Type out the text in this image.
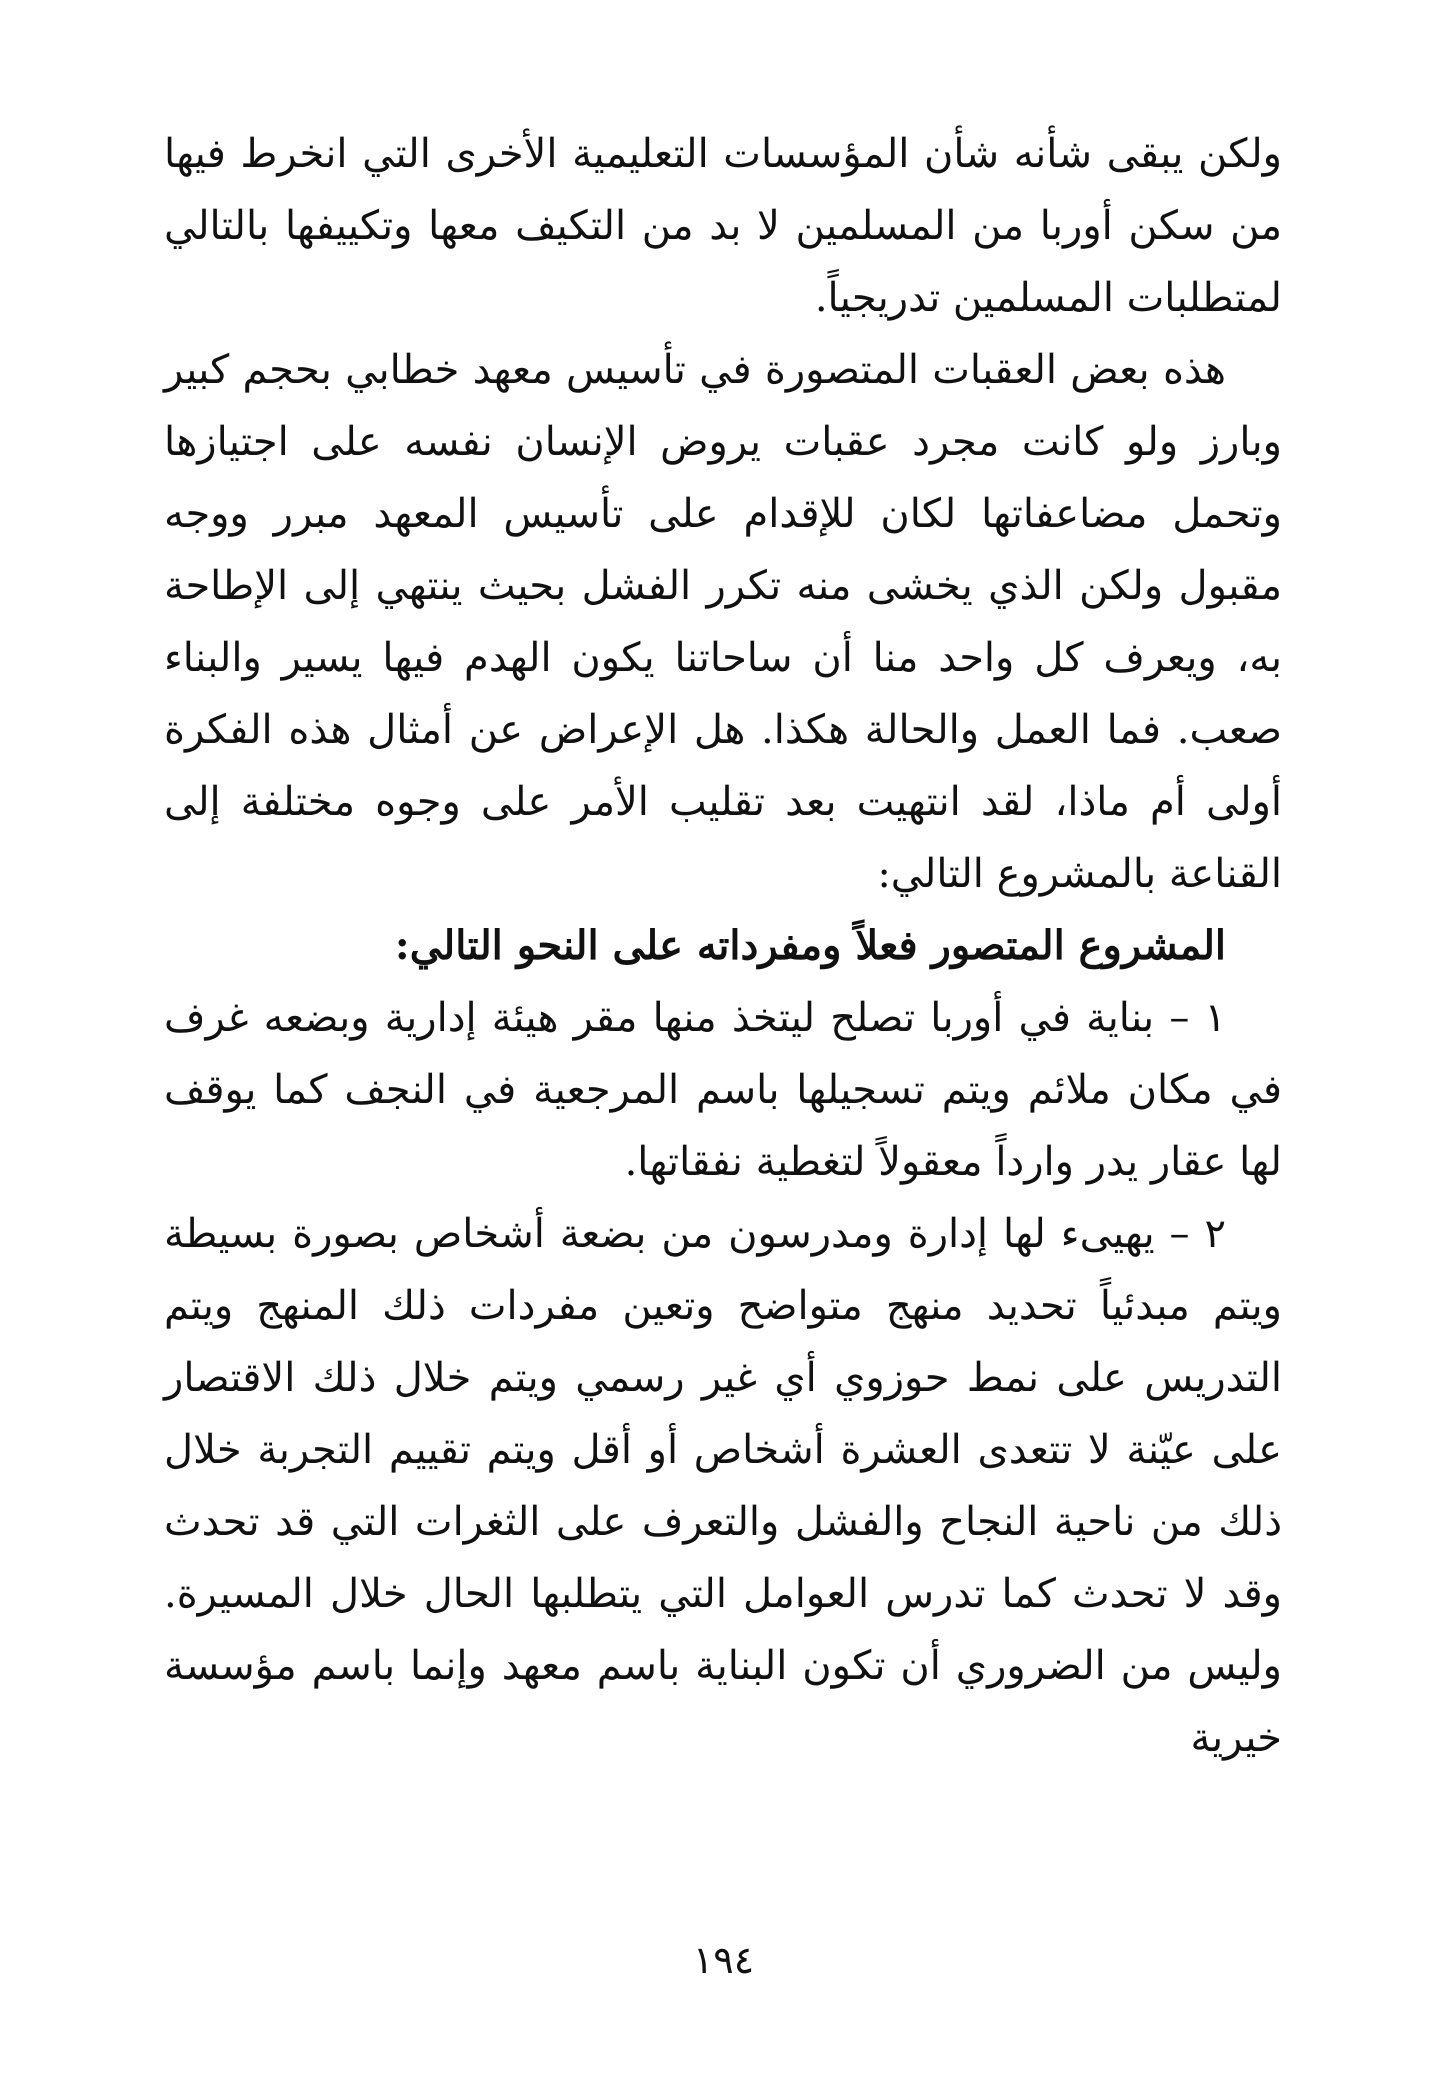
ولكن يبقى شأنه شأن المؤسسات التعليمية الأخرى التي انخرط فيها من سكن أوربا من المسلمين لا بد من التكيف معها وتكييفها بالتالي لمتطلبات المسلمين تدريجياً.

هذه بعض العقبات المتصورة في تأسيس معهد خطابي بحجم كبير وبارز ولو كانت مجرد عقبات يروض الإنسان نفسه على اجتيازها وتحمل مضاعفاتها لكان للإقدام على تأسيس المعهد مبرر ووجه مقبول ولكن الذي يخشى منه تكرر الفشل بحيث ينتهي إلى الإطاحة به، ويعرف كل واحد منا أن ساحاتنا يكون الهدم فيها يسير والبناء صعب. فما العمل والحالة هكذا. هل الإعراض عن أمثال هذه الفكرة أولى أم ماذا، لقد انتهيت بعد تقليب الأمر على وجوه مختلفة إلى القناعة بالمشروع التالي:

المشروع المتصور فعلاً ومفرداته على النحو التالي:

١ – بناية في أوربا تصلح ليتخذ منها مقر هيئة إدارية وبضعه غرف في مكان ملائم ويتم تسجيلها باسم المرجعية في النجف كما يوقف لها عقار يدر وارداً معقولاً لتغطية نفقاتها.

٢ – يهيىء لها إدارة ومدرسون من بضعة أشخاص بصورة بسيطة ويتم مبدئياً تحديد منهج متواضح وتعين مفردات ذلك المنهج ويتم التدريس على نمط حوزوي أي غير رسمي ويتم خلال ذلك الاقتصار على عيّنة لا تتعدى العشرة أشخاص أو أقل ويتم تقييم التجربة خلال ذلك من ناحية النجاح والفشل والتعرف على الثغرات التي قد تحدث وقد لا تحدث كما تدرس العوامل التي يتطلبها الحال خلال المسيرة. وليس من الضروري أن تكون البناية باسم معهد وإنما باسم مؤسسة خيرية

١٩٤
